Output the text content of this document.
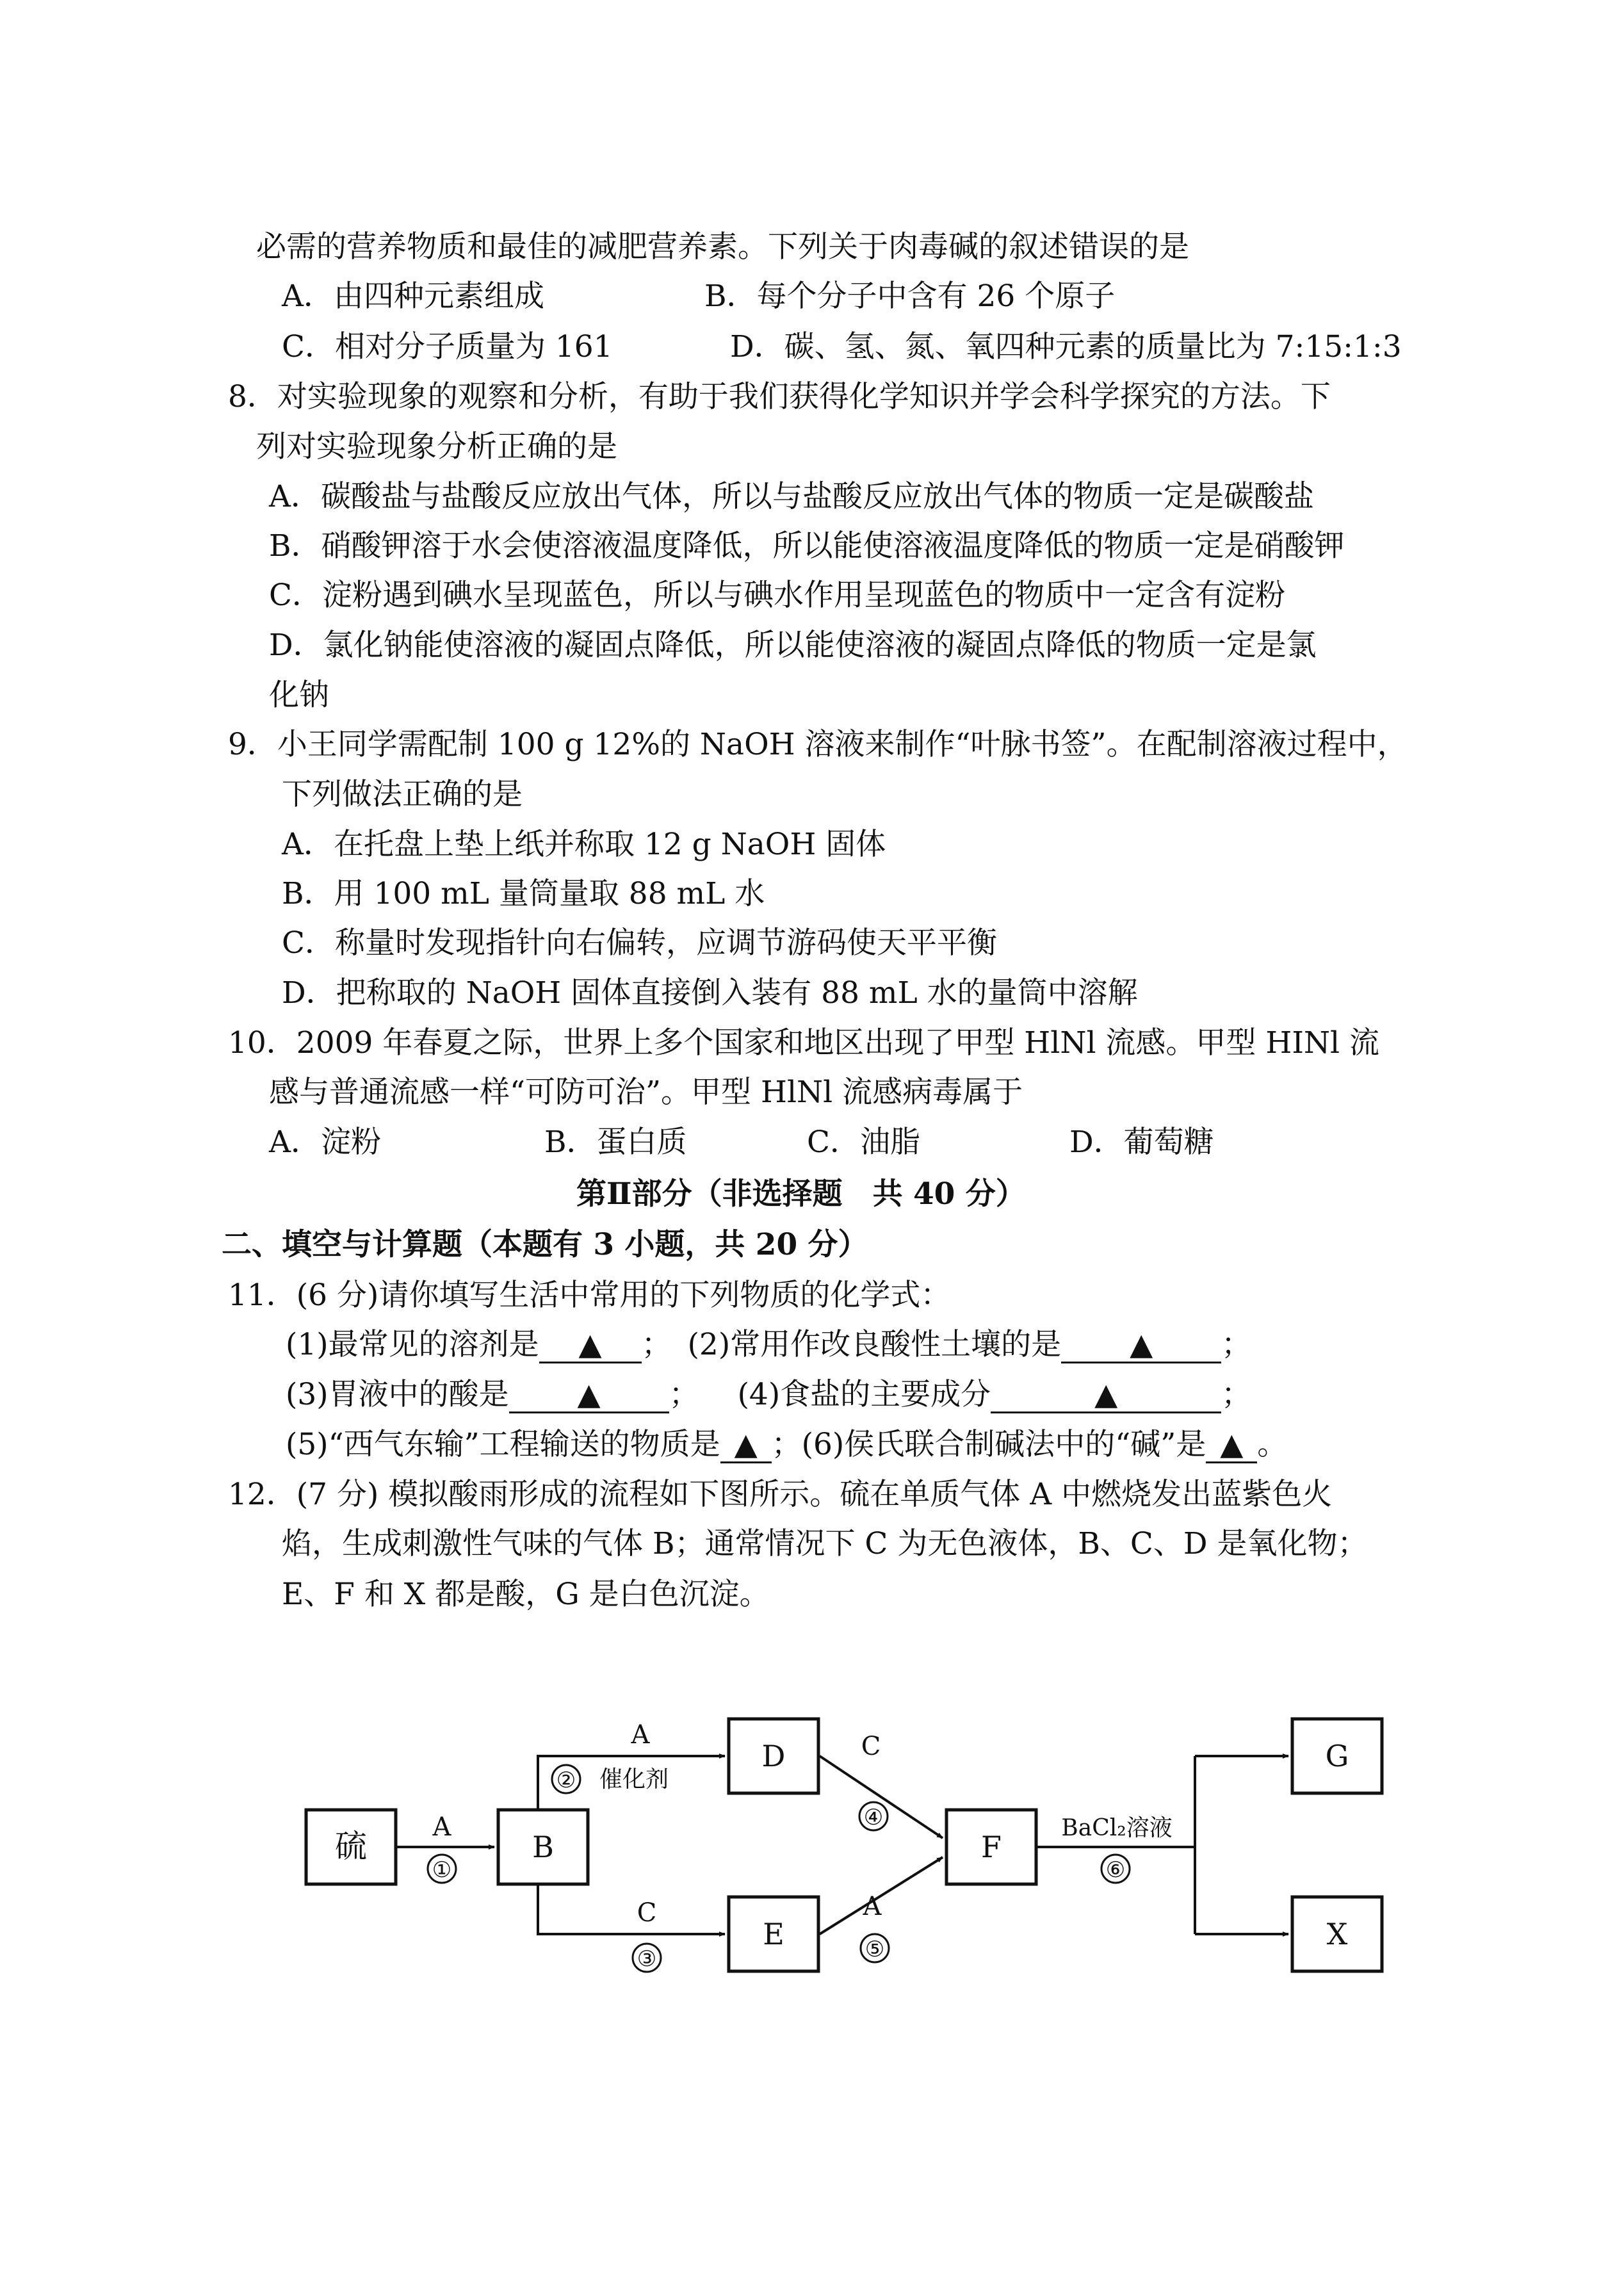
必需的营养物质和最佳的减肥营养素。下列关于肉毒碱的叙述错误的是
A．由四种元素组成	B．每个分子中含有 26 个原子
C．相对分子质量为 161	D．碳、氢、氮、氧四种元素的质量比为 7:15:1:3
8．对实验现象的观察和分析，有助于我们获得化学知识并学会科学探究的方法。下
列对实验现象分析正确的是
A．碳酸盐与盐酸反应放出气体，所以与盐酸反应放出气体的物质一定是碳酸盐
B．硝酸钾溶于水会使溶液温度降低，所以能使溶液温度降低的物质一定是硝酸钾
C．淀粉遇到碘水呈现蓝色，所以与碘水作用呈现蓝色的物质中一定含有淀粉
D．氯化钠能使溶液的凝固点降低，所以能使溶液的凝固点降低的物质一定是氯
化钠
9．小王同学需配制 100 g 12%的 NaOH 溶液来制作“叶脉书签”。在配制溶液过程中，
下列做法正确的是
A．在托盘上垫上纸并称取 12 g NaOH 固体
B．用 100 mL 量筒量取 88 mL 水
C．称量时发现指针向右偏转，应调节游码使天平平衡
D．把称取的 NaOH 固体直接倒入装有 88 mL 水的量筒中溶解
10．2009 年春夏之际，世界上多个国家和地区出现了甲型 HlNl 流感。甲型 HINl 流
感与普通流感一样“可防可治”。甲型 HlNl 流感病毒属于
A．淀粉	B．蛋白质	C．油脂	D．葡萄糖
第Ⅱ部分（非选择题　共 40 分）
二、填空与计算题（本题有 3 小题，共 20 分）
11．(6 分)请你填写生活中常用的下列物质的化学式：
(1)最常见的溶剂是 ▲ ； (2)常用作改良酸性土壤的是 ▲ ；
(3)胃液中的酸是 ▲ ； (4)食盐的主要成分	▲	；
(5)“西气东输”工程输送的物质是 ▲ ；(6)侯氏联合制碱法中的“碱”是 ▲ 。
12．(7 分) 模拟酸雨形成的流程如下图所示。硫在单质气体 A 中燃烧发出蓝紫色火
焰，生成刺激性气味的气体 B；通常情况下 C 为无色液体，B、C、D 是氧化物；
E、F 和 X 都是酸，G 是白色沉淀。
硫	B
D
E
F
G
X
A
①
A
② 催化剂
C
③
C
④
A
⑤
BaCl₂溶液
⑥
